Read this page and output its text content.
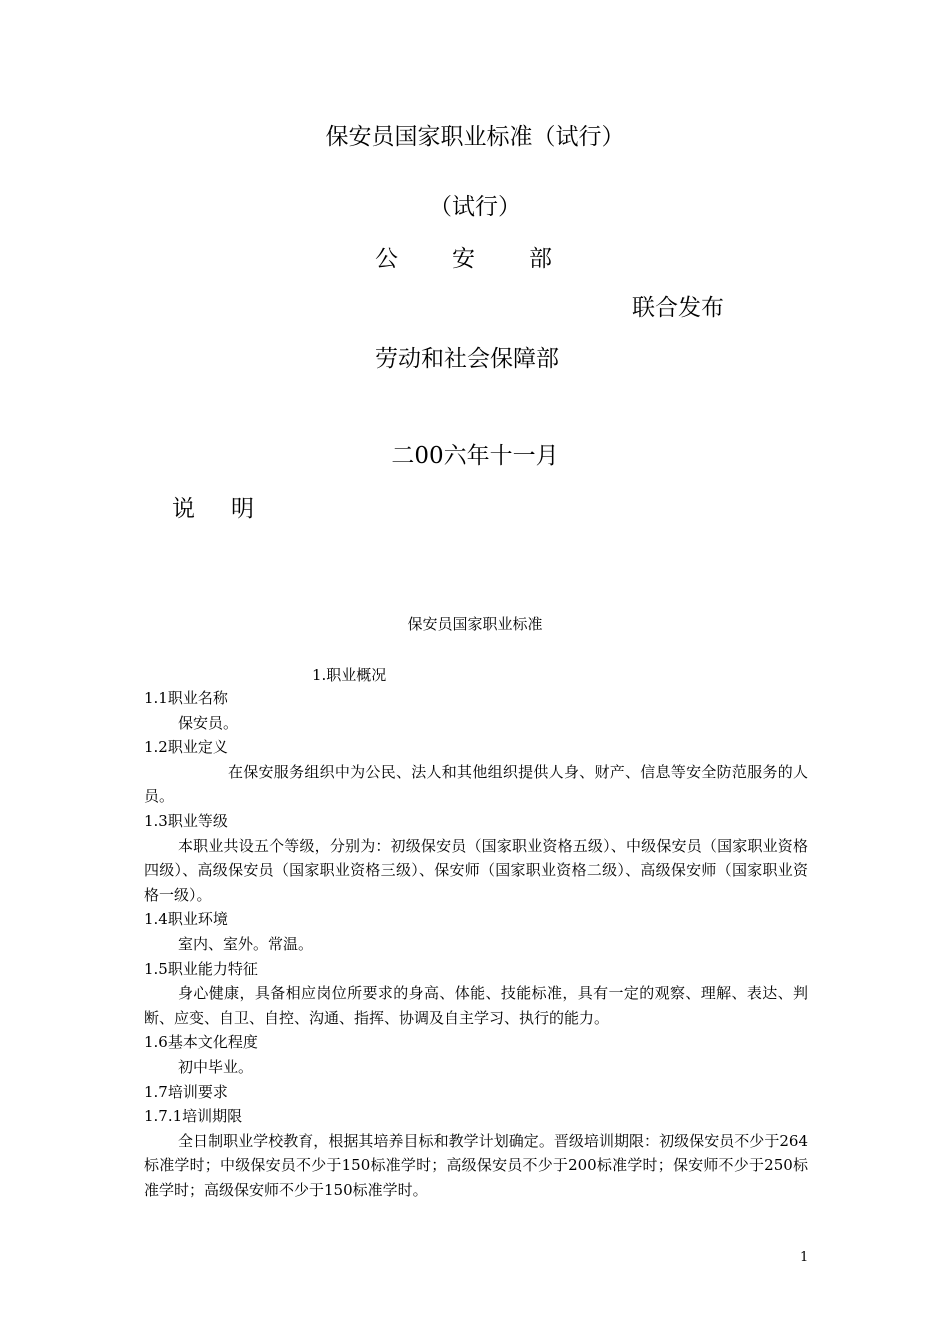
保安员国家职业标准（试行）
（试行）
公安部
联合发布
劳动和社会保障部
二00六年十一月
说明
保安员国家职业标准
1.职业概况

1.1职业名称

保安员。

1.2职业定义

在保安服务组织中为公民、法人和其他组织提供人身、财产、信息等安全防范服务的人员。

1.3职业等级

本职业共设五个等级，分别为：初级保安员（国家职业资格五级）、中级保安员（国家职业资格四级）、高级保安员（国家职业资格三级）、保安师（国家职业资格二级）、高级保安师（国家职业资格一级）。

1.4职业环境

室内、室外。常温。

1.5职业能力特征

身心健康，具备相应岗位所要求的身高、体能、技能标准，具有一定的观察、理解、表达、判断、应变、自卫、自控、沟通、指挥、协调及自主学习、执行的能力。

1.6基本文化程度

初中毕业。

1.7培训要求

1.7.1培训期限

全日制职业学校教育，根据其培养目标和教学计划确定。晋级培训期限：初级保安员不少于264标准学时；中级保安员不少于150标准学时；高级保安员不少于200标准学时；保安师不少于250标准学时；高级保安师不少于150标准学时。

1
